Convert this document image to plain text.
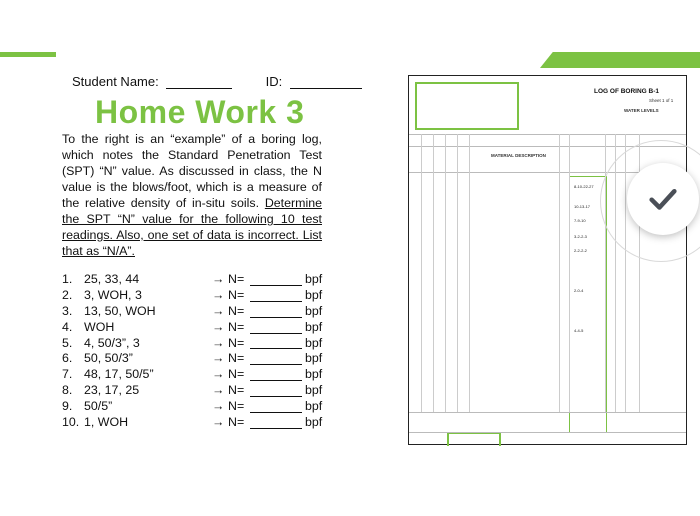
Student Name:	ID:
Home Work 3
To the right is an “example” of a boring log, which notes the Standard Penetration Test (SPT) “N” value. As discussed in class, the N value is the blows/foot, which is a measure of the relative density of in-situ soils. Determine the SPT “N” value for the following 10 test readings. Also, one set of data is incorrect. List that as “N/A”.
1. 25, 33, 44	→ N=	bpf
2. 3, WOH, 3	→ N=	bpf
3. 13, 50, WOH	→ N=	bpf
4. WOH	→ N=	bpf
5. 4, 50/3”, 3	→ N=	bpf
6. 50, 50/3”	→ N=	bpf
7. 48, 17, 50/5”	→ N=	bpf
8. 23, 17, 25	→ N=	bpf
9. 50/5”	→ N=	bpf
10. 1, WOH	→ N=	bpf
LOG OF BORING B-1
Sheet 1 of 1
WATER LEVELS
MATERIAL DESCRIPTION
8-10-22-27
10-13-17
7-9-10
3-2-2-3
2-2-2-2
2-0-4
4-4-5
